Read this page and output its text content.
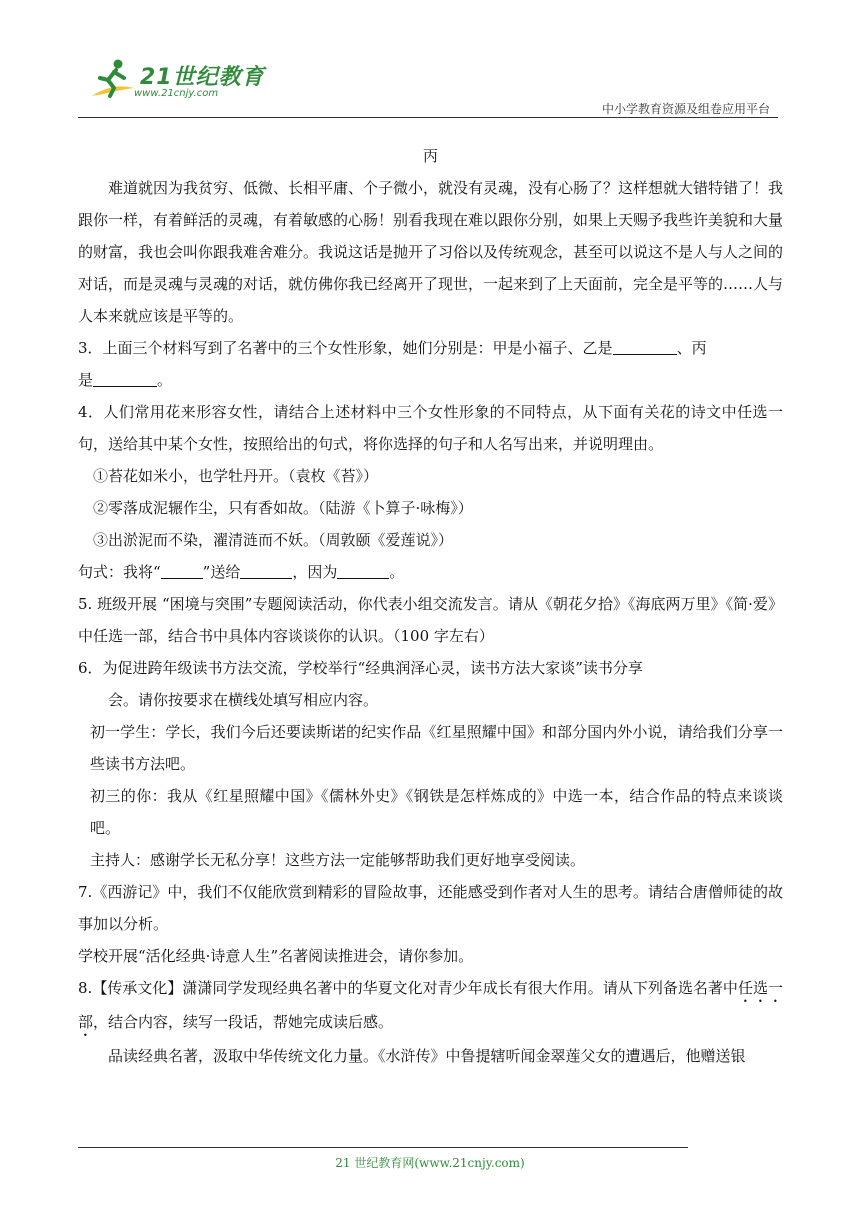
21世纪教育
www.21cnjy.com
中小学教育资源及组卷应用平台

丙

难道就因为我贫穷、低微、长相平庸、个子微小，就没有灵魂，没有心肠了？这样想就大错特错了！我跟你一样，有着鲜活的灵魂，有着敏感的心肠！别看我现在难以跟你分别，如果上天赐予我些许美貌和大量的财富，我也会叫你跟我难舍难分。我说这话是抛开了习俗以及传统观念，甚至可以说这不是人与人之间的对话，而是灵魂与灵魂的对话，就仿佛你我已经离开了现世，一起来到了上天面前，完全是平等的……人与人本来就应该是平等的。

3．上面三个材料写到了名著中的三个女性形象，她们分别是：甲是小福子、乙是	、丙
是	。

4．人们常用花来形容女性，请结合上述材料中三个女性形象的不同特点，从下面有关花的诗文中任选一句，送给其中某个女性，按照给出的句式，将你选择的句子和人名写出来，并说明理由。

①苔花如米小，也学牡丹开。（袁枚《苔》）

②零落成泥辗作尘，只有香如故。（陆游《卜算子·咏梅》）

③出淤泥而不染，濯清涟而不妖。（周敦颐《爱莲说》）

句式：我将“	”送给	，因为	。

5. 班级开展 “困境与突围”专题阅读活动，你代表小组交流发言。请从《朝花夕拾》《海底两万里》《简·爱》中任选一部，结合书中具体内容谈谈你的认识。（100 字左右）

6．为促进跨年级读书方法交流，学校举行“经典润泽心灵，读书方法大家谈”读书分享

会。请你按要求在横线处填写相应内容。

初一学生：学长，我们今后还要读斯诺的纪实作品《红星照耀中国》和部分国内外小说，请给我们分享一些读书方法吧。

初三的你：我从《红星照耀中国》《儒林外史》《钢铁是怎样炼成的》中选一本，结合作品的特点来谈谈吧。

主持人：感谢学长无私分享！这些方法一定能够帮助我们更好地享受阅读。

7.《西游记》中，我们不仅能欣赏到精彩的冒险故事，还能感受到作者对人生的思考。请结合唐僧师徒的故事加以分析。

学校开展“活化经典·诗意人生”名著阅读推进会，请你参加。

8.【传承文化】潇潇同学发现经典名著中的华夏文化对青少年成长有很大作用。请从下列备选名著中任选一部，结合内容，续写一段话，帮她完成读后感。

品读经典名著，汲取中华传统文化力量。《水浒传》中鲁提辖听闻金翠莲父女的遭遇后，他赠送银

21 世纪教育网(www.21cnjy.com)
